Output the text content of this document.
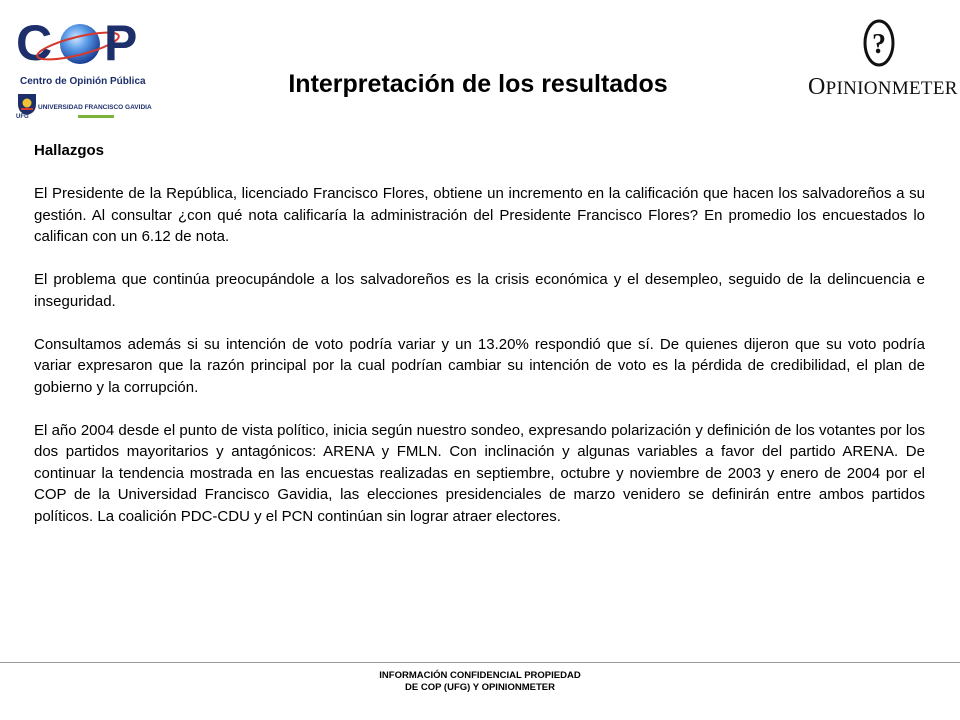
C P
Centro de Opinión Pública
UNIVERSIDAD FRANCISCO GAVIDIA
UFG
?
OPINIONMETER
Interpretación de los resultados
Hallazgos

El Presidente de la República, licenciado Francisco Flores, obtiene un incremento en la calificación que hacen los salvadoreños a su gestión. Al consultar ¿con qué nota calificaría la administración del Presidente Francisco Flores? En promedio los encuestados lo califican con un 6.12 de nota.

El problema que continúa preocupándole a los salvadoreños es la crisis económica y el desempleo, seguido de la delincuencia e inseguridad.

Consultamos además si su intención de voto podría variar y un 13.20% respondió que sí. De quienes dijeron que su voto podría variar expresaron que la razón principal por la cual podrían cambiar su intención de voto es la pérdida de credibilidad, el plan de gobierno y la corrupción.

El año 2004 desde el punto de vista político, inicia según nuestro sondeo, expresando polarización y definición de los votantes por los dos partidos mayoritarios y antagónicos: ARENA y FMLN. Con inclinación y algunas variables a favor del partido ARENA. De continuar la tendencia mostrada en las encuestas realizadas en septiembre, octubre y noviembre de 2003 y enero de 2004 por el COP de la Universidad Francisco Gavidia, las elecciones presidenciales de marzo venidero se definirán entre ambos partidos políticos. La coalición PDC-CDU y el PCN continúan sin lograr atraer electores.

INFORMACIÓN CONFIDENCIAL PROPIEDAD
DE COP (UFG) Y OPINIONMETER
